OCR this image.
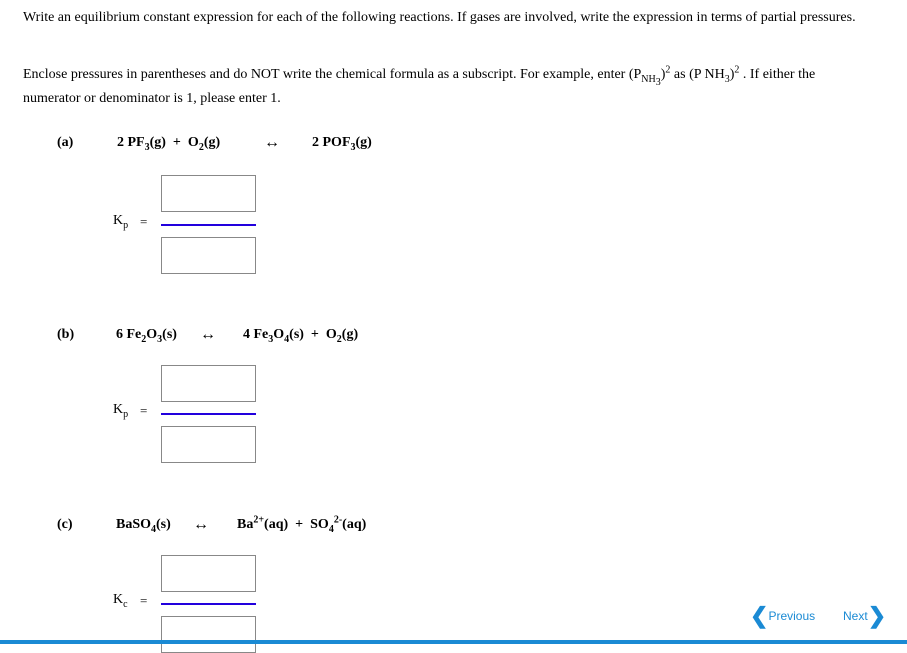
Write an equilibrium constant expression for each of the following reactions. If gases are involved, write the expression in terms of partial pressures.

Enclose pressures in parentheses and do NOT write the chemical formula as a subscript. For example, enter $(P_{NH_3})^2$ as (P $NH_3)^2$ . If either the numerator or denominator is 1, please enter 1.

(a)	2 $PF_3(g) + O_2(g)$	↔ 2 $POF_3(g)$
$K_p$ =
(b)	6 $Fe_2O_3(s)$ ↔ 4 $Fe_3O_4(s) + O_2(g)$
$K_p$ =
(c)	BaSO$_4$(s) ↔ $Ba^{2+}(aq) + SO_4^{2-}(aq)$
$K_c$ =
❮Previous Next❯
